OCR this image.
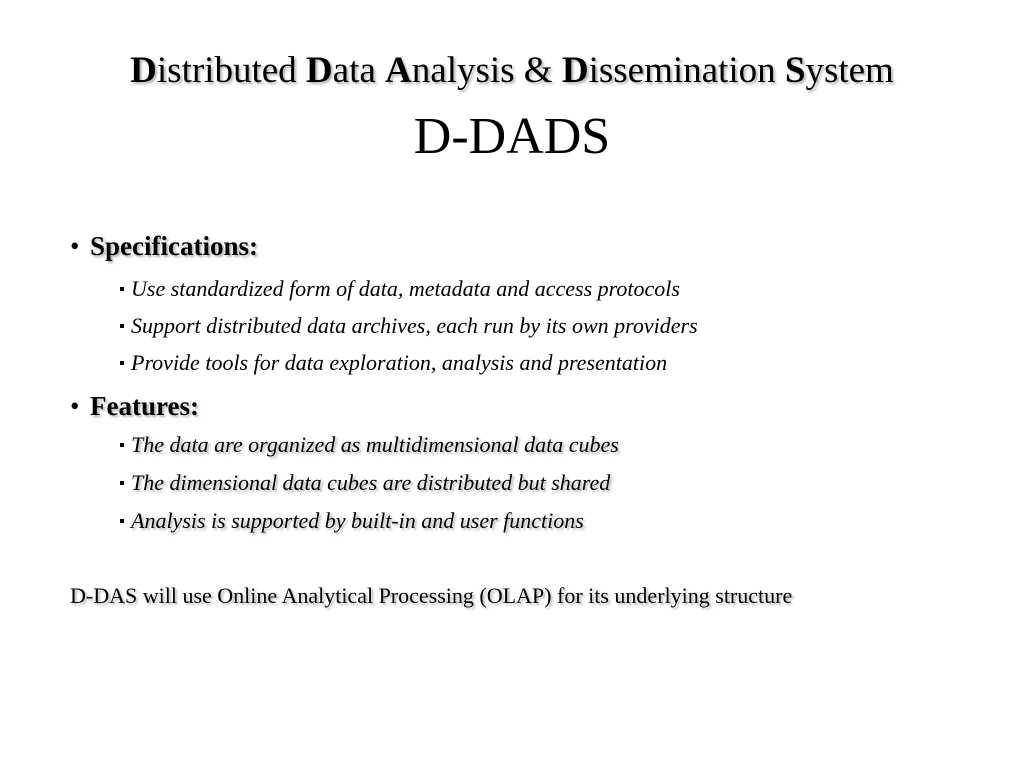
Distributed Data Analysis & Dissemination System
D-DADS
• Specifications:
Use standardized form of data, metadata and access protocols
Support distributed data archives, each run by its own providers
Provide tools for data exploration, analysis and presentation
• Features:
The data are organized as multidimensional data cubes
The dimensional data cubes are distributed but shared
Analysis is supported by built-in and user functions
D-DAS will use Online Analytical Processing (OLAP) for its underlying structure
